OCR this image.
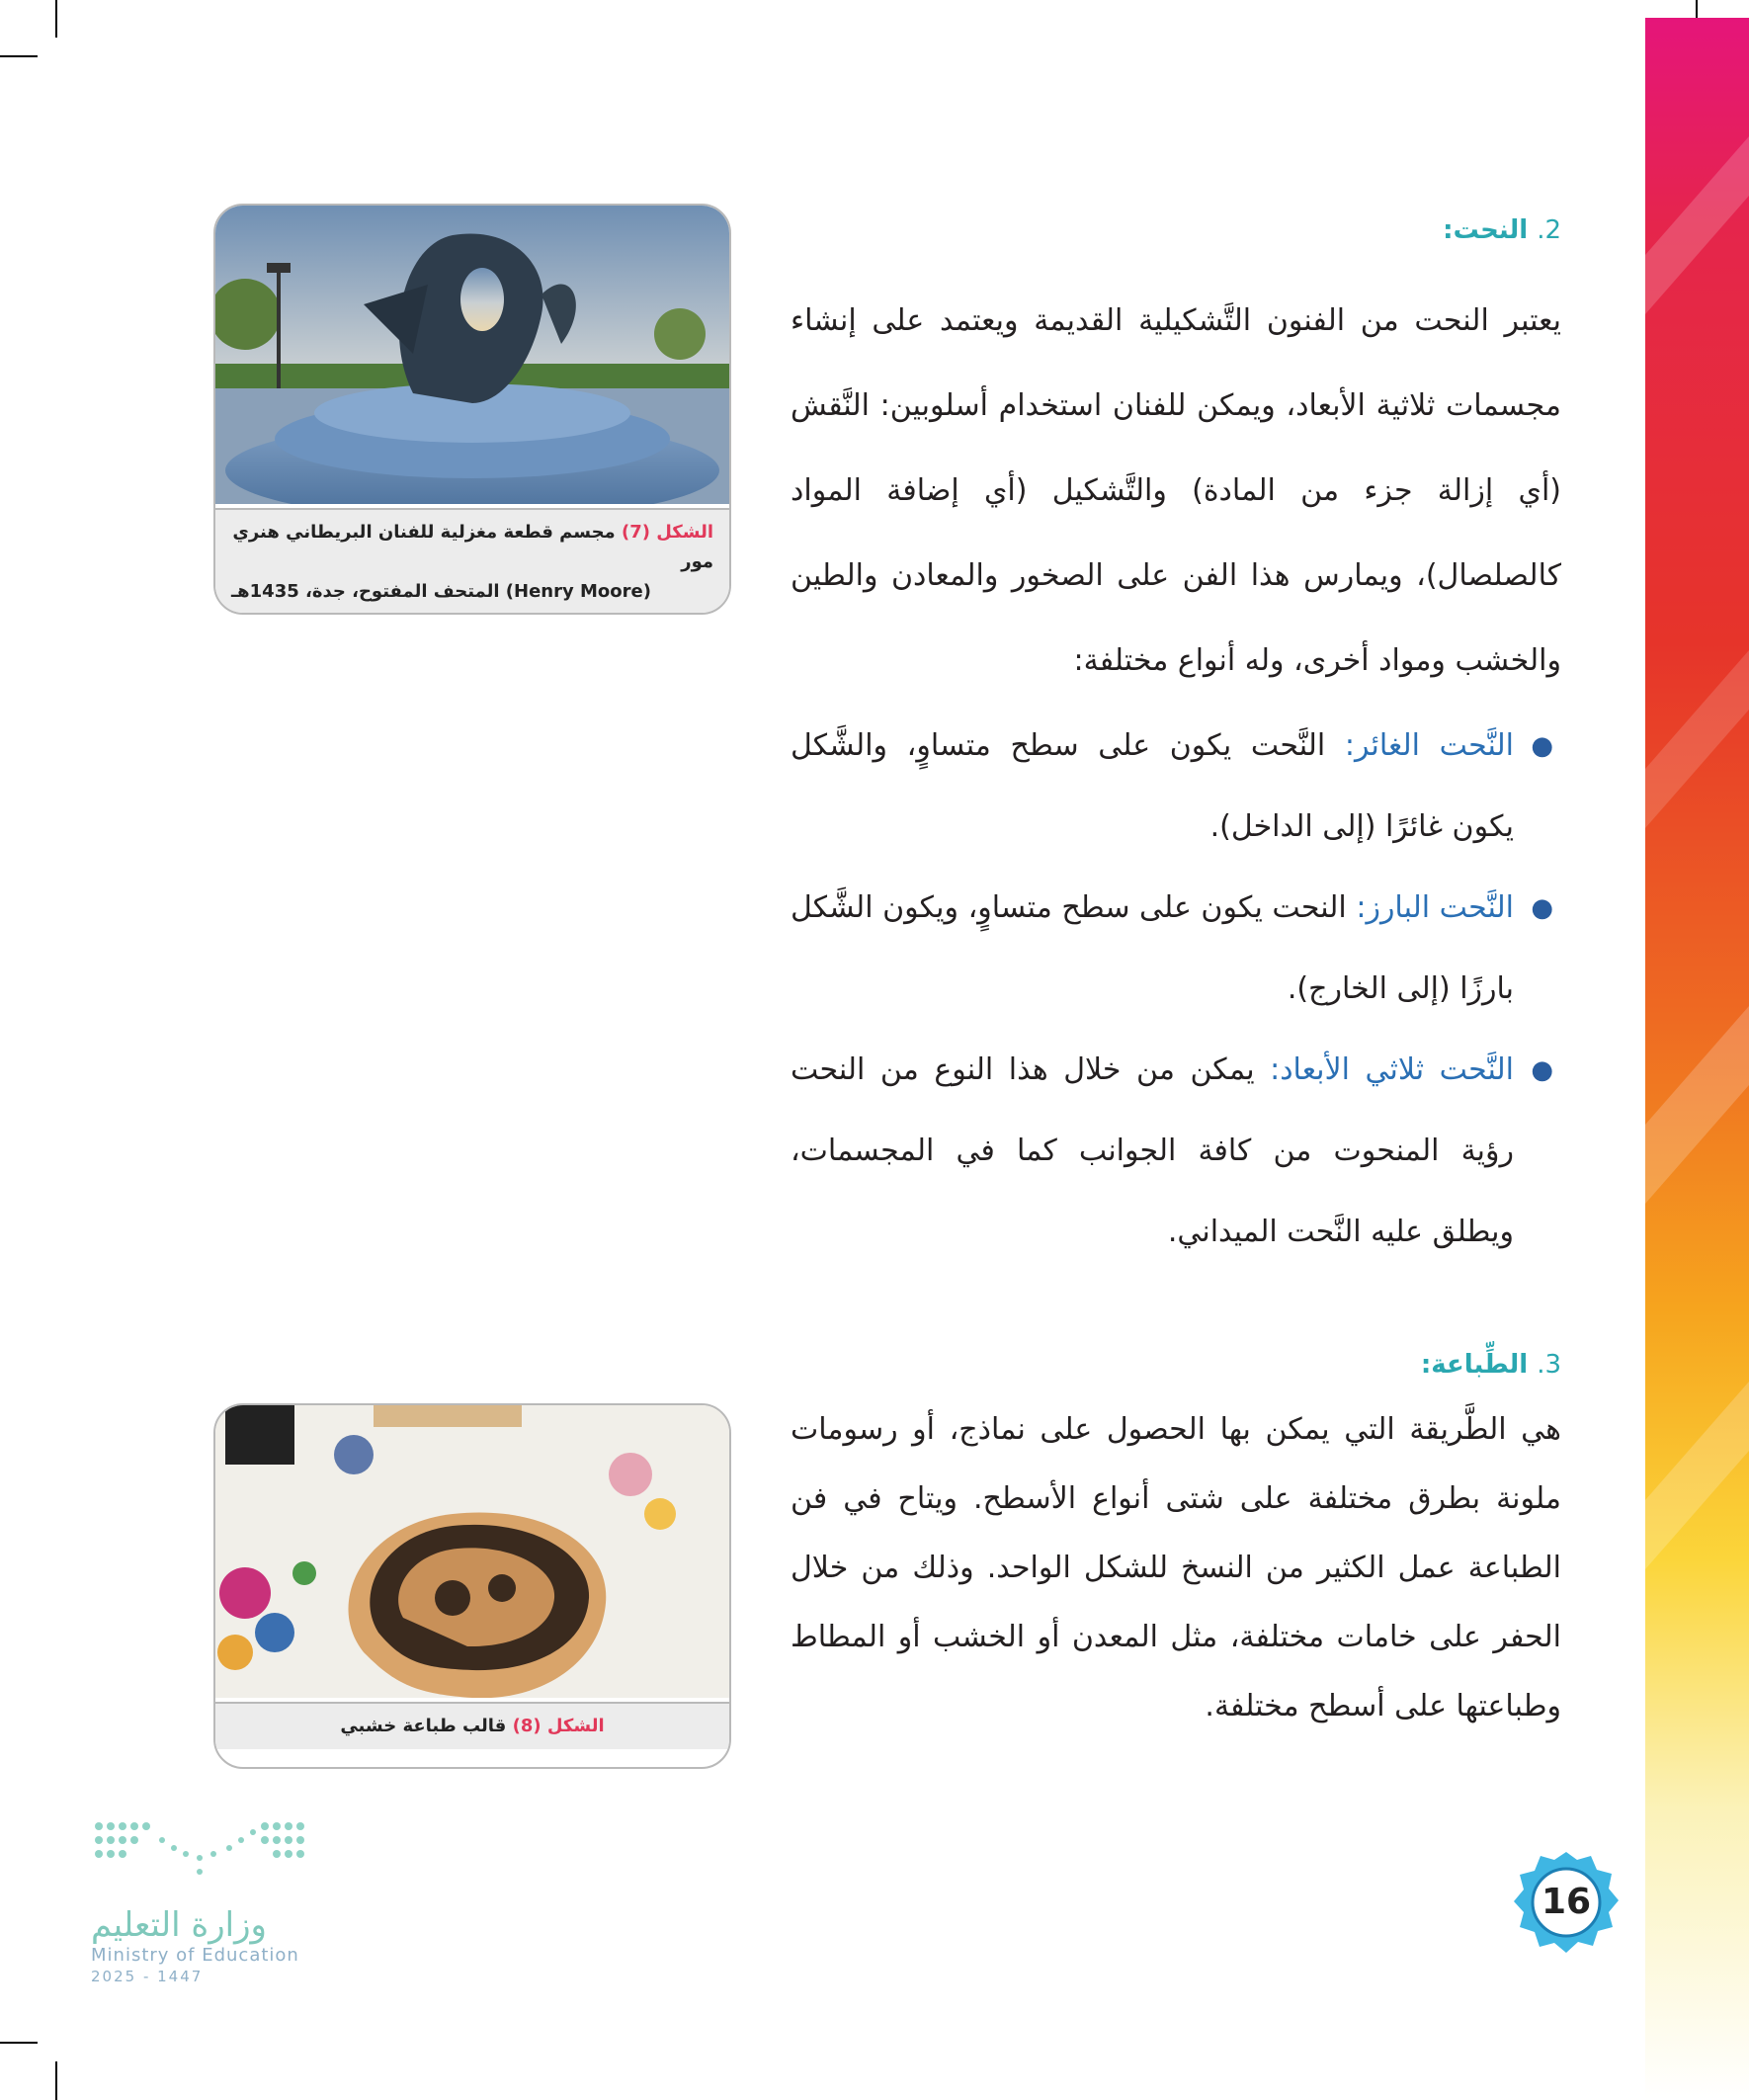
2. النحت:

يعتبر النحت من الفنون التَّشكيلية القديمة ويعتمد على إنشاء مجسمات ثلاثية الأبعاد، ويمكن للفنان استخدام أسلوبين: النَّقش (أي إزالة جزء من المادة) والتَّشكيل (أي إضافة المواد كالصلصال)، ويمارس هذا الفن على الصخور والمعادن والطين والخشب ومواد أخرى، وله أنواع مختلفة:

●
النَّحت الغائر: النَّحت يكون على سطح متساوٍ، والشَّكل يكون غائرًا (إلى الداخل).
●
النَّحت البارز: النحت يكون على سطح متساوٍ، ويكون الشَّكل بارزًا (إلى الخارج).
●
النَّحت ثلاثي الأبعاد: يمكن من خلال هذا النوع من النحت رؤية المنحوت من كافة الجوانب كما في المجسمات، ويطلق عليه النَّحت الميداني.
3. الطِّباعة:

هي الطَّريقة التي يمكن بها الحصول على نماذج، أو رسومات ملونة بطرق مختلفة على شتى أنواع الأسطح. ويتاح في فن الطباعة عمل الكثير من النسخ للشكل الواحد. وذلك من خلال الحفر على خامات مختلفة، مثل المعدن أو الخشب أو المطاط وطباعتها على أسطح مختلفة.

الشكل (7) مجسم قطعة مغزلية للفنان البريطاني هنري مور
(Henry Moore) المتحف المفتوح، جدة، 1435هـ
الشكل (8) قالب طباعة خشبي
16
وزارة التعليم
Ministry of Education
2025 - 1447
